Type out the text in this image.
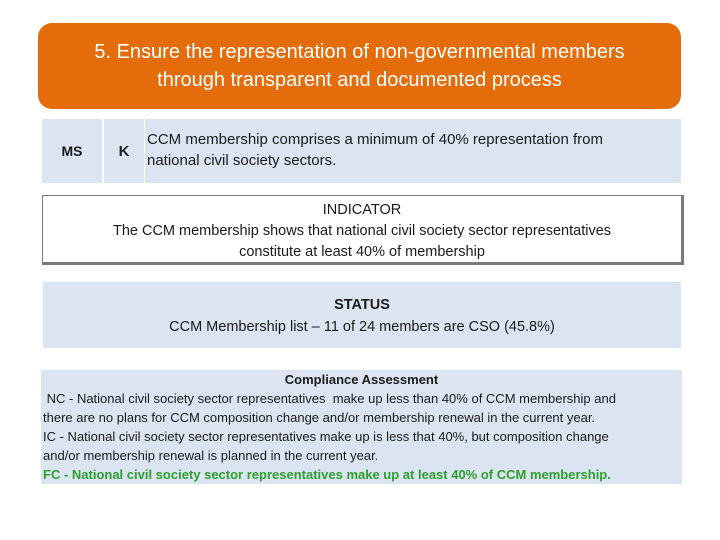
5. Ensure the representation of non-governmental members
through transparent and documented process
MS	K
CCM membership comprises a minimum of 40% representation from
national civil society sectors.
INDICATOR
The CCM membership shows that national civil society sector representatives
constitute at least 40% of membership
STATUS
CCM Membership list – 11 of 24 members are CSO (45.8%)
Compliance Assessment
NC - National civil society sector representatives  make up less than 40% of CCM membership and
there are no plans for CCM composition change and/or membership renewal in the current year.
IC - National civil society sector representatives make up is less that 40%, but composition change
and/or membership renewal is planned in the current year.
FC - National civil society sector representatives make up at least 40% of CCM membership.
